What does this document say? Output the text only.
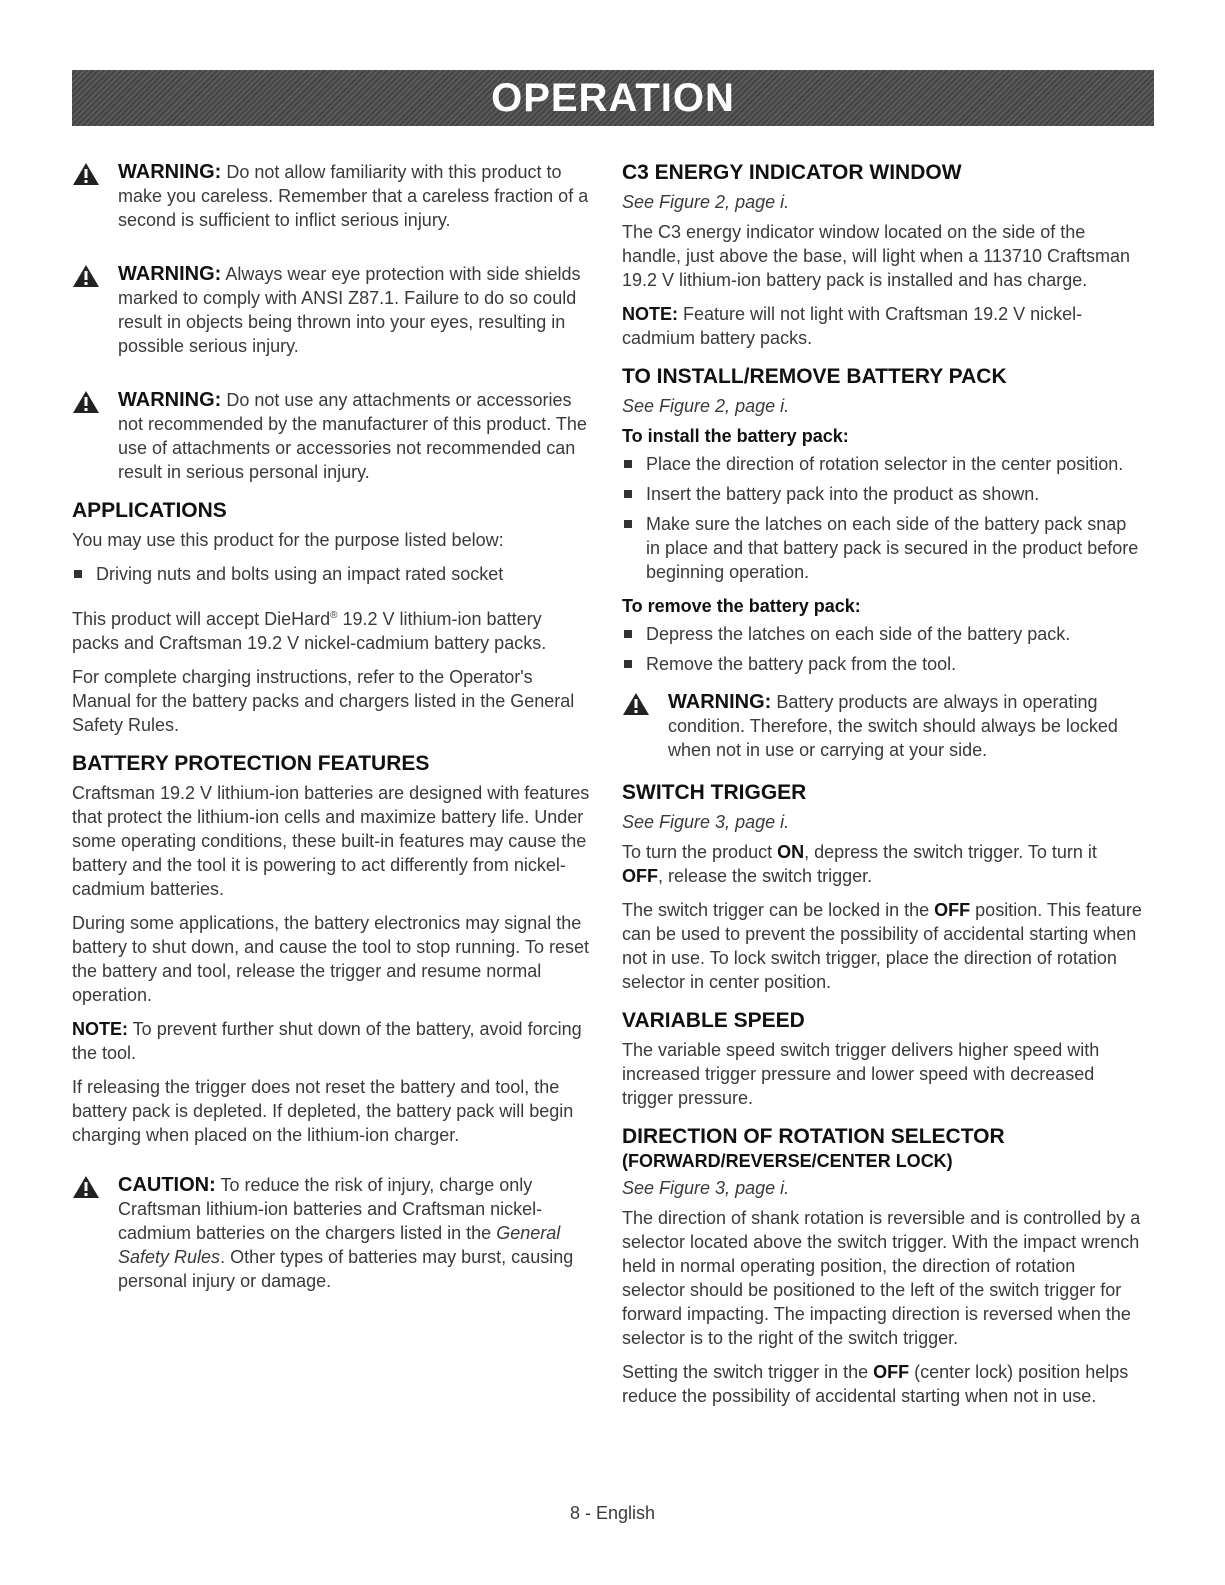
OPERATION

WARNING: Do not allow familiarity with this product to make you careless. Remember that a careless fraction of a second is sufficient to inflict serious injury.

WARNING: Always wear eye protection with side shields marked to comply with ANSI Z87.1. Failure to do so could result in objects being thrown into your eyes, resulting in possible serious injury.

WARNING: Do not use any attachments or accessories not recommended by the manufacturer of this product. The use of attachments or accessories not recommended can result in serious personal injury.

APPLICATIONS

You may use this product for the purpose listed below:

Driving nuts and bolts using an impact rated socket

This product will accept DieHard® 19.2 V lithium-ion battery packs and Craftsman 19.2 V nickel-cadmium battery packs.

For complete charging instructions, refer to the Operator's Manual for the battery packs and chargers listed in the General Safety Rules.

BATTERY PROTECTION FEATURES

Craftsman 19.2 V lithium-ion batteries are designed with features that protect the lithium-ion cells and maximize battery life. Under some operating conditions, these built-in features may cause the battery and the tool it is powering to act differently from nickel-cadmium batteries.

During some applications, the battery electronics may signal the battery to shut down, and cause the tool to stop running. To reset the battery and tool, release the trigger and resume normal operation.

NOTE: To prevent further shut down of the battery, avoid forcing the tool.

If releasing the trigger does not reset the battery and tool, the battery pack is depleted. If depleted, the battery pack will begin charging when placed on the lithium-ion charger.

CAUTION: To reduce the risk of injury, charge only Craftsman lithium-ion batteries and Craftsman nickel-cadmium batteries on the chargers listed in the General Safety Rules. Other types of batteries may burst, causing personal injury or damage.

C3 ENERGY INDICATOR WINDOW

See Figure 2, page i.

The C3 energy indicator window located on the side of the handle, just above the base, will light when a 113710 Craftsman 19.2 V lithium-ion battery pack is installed and has charge.

NOTE: Feature will not light with Craftsman 19.2 V nickel-cadmium battery packs.

TO INSTALL/REMOVE BATTERY PACK

See Figure 2, page i.

To install the battery pack:
Place the direction of rotation selector in the center position.
Insert the battery pack into the product as shown.
Make sure the latches on each side of the battery pack snap in place and that battery pack is secured in the product before beginning operation.
To remove the battery pack:
Depress the latches on each side of the battery pack.
Remove the battery pack from the tool.

WARNING: Battery products are always in operating condition. Therefore, the switch should always be locked when not in use or carrying at your side.

SWITCH TRIGGER

See Figure 3, page i.

To turn the product ON, depress the switch trigger. To turn it OFF, release the switch trigger.

The switch trigger can be locked in the OFF position. This feature can be used to prevent the possibility of accidental starting when not in use. To lock switch trigger, place the direction of rotation selector in center position.

VARIABLE SPEED

The variable speed switch trigger delivers higher speed with increased trigger pressure and lower speed with decreased trigger pressure.

DIRECTION OF ROTATION SELECTOR
(FORWARD/REVERSE/CENTER LOCK)

See Figure 3, page i.

The direction of shank rotation is reversible and is controlled by a selector located above the switch trigger. With the impact wrench held in normal operating position, the direction of rotation selector should be positioned to the left of the switch trigger for forward impacting. The impacting direction is reversed when the selector is to the right of the switch trigger.

Setting the switch trigger in the OFF (center lock) position helps reduce the possibility of accidental starting when not in use.

8 - English
